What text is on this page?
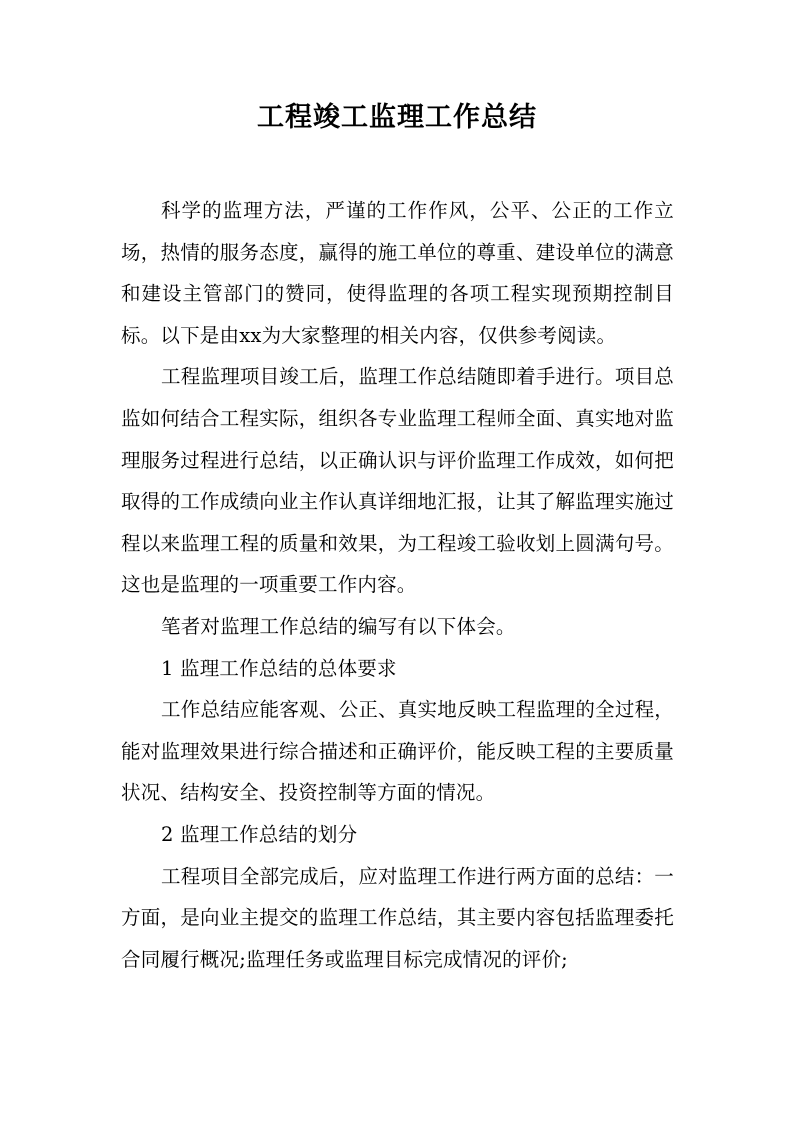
工程竣工监理工作总结

科学的监理方法，严谨的工作作风，公平、公正的工作立场，热情的服务态度，赢得的施工单位的尊重、建设单位的满意和建设主管部门的赞同，使得监理的各项工程实现预期控制目标。以下是由xx为大家整理的相关内容，仅供参考阅读。

工程监理项目竣工后，监理工作总结随即着手进行。项目总监如何结合工程实际，组织各专业监理工程师全面、真实地对监理服务过程进行总结，以正确认识与评价监理工作成效，如何把取得的工作成绩向业主作认真详细地汇报，让其了解监理实施过程以来监理工程的质量和效果，为工程竣工验收划上圆满句号。这也是监理的一项重要工作内容。

笔者对监理工作总结的编写有以下体会。

1 监理工作总结的总体要求

工作总结应能客观、公正、真实地反映工程监理的全过程，能对监理效果进行综合描述和正确评价，能反映工程的主要质量状况、结构安全、投资控制等方面的情况。

2 监理工作总结的划分

工程项目全部完成后，应对监理工作进行两方面的总结：一方面，是向业主提交的监理工作总结，其主要内容包括监理委托合同履行概况;监理任务或监理目标完成情况的评价;
